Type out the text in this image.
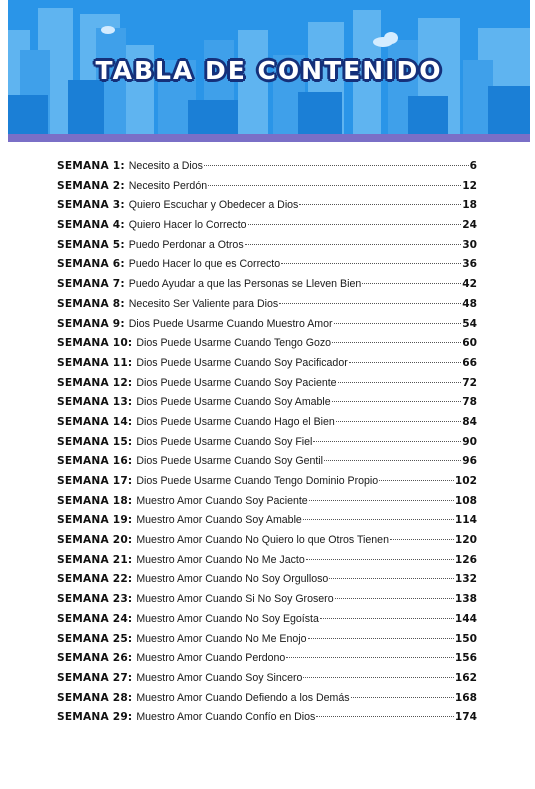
TABLA DE CONTENIDO
SEMANA 1: Necesito a Dios	6
SEMANA 2: Necesito Perdón	12
SEMANA 3: Quiero Escuchar y Obedecer a Dios	18
SEMANA 4: Quiero Hacer lo Correcto	24
SEMANA 5: Puedo Perdonar a Otros	30
SEMANA 6: Puedo Hacer lo que es Correcto	36
SEMANA 7: Puedo Ayudar a que las Personas se Lleven Bien	42
SEMANA 8: Necesito Ser Valiente para Dios	48
SEMANA 9: Dios Puede Usarme Cuando Muestro Amor	54
SEMANA 10: Dios Puede Usarme Cuando Tengo Gozo	60
SEMANA 11: Dios Puede Usarme Cuando Soy Pacificador	66
SEMANA 12: Dios Puede Usarme Cuando Soy Paciente	72
SEMANA 13: Dios Puede Usarme Cuando Soy Amable	78
SEMANA 14: Dios Puede Usarme Cuando Hago el Bien	84
SEMANA 15: Dios Puede Usarme Cuando Soy Fiel	90
SEMANA 16: Dios Puede Usarme Cuando Soy Gentil	96
SEMANA 17: Dios Puede Usarme Cuando Tengo Dominio Propio	102
SEMANA 18: Muestro Amor Cuando Soy Paciente	108
SEMANA 19: Muestro Amor Cuando Soy Amable	114
SEMANA 20: Muestro Amor Cuando No Quiero lo que Otros Tienen	120
SEMANA 21: Muestro Amor Cuando No Me Jacto	126
SEMANA 22: Muestro Amor Cuando No Soy Orgulloso	132
SEMANA 23: Muestro Amor Cuando Si No Soy Grosero	138
SEMANA 24: Muestro Amor Cuando No Soy Egoísta	144
SEMANA 25: Muestro Amor Cuando No Me Enojo	150
SEMANA 26: Muestro Amor Cuando Perdono	156
SEMANA 27: Muestro Amor Cuando Soy Sincero	162
SEMANA 28: Muestro Amor Cuando Defiendo a los Demás	168
SEMANA 29: Muestro Amor Cuando Confío en Dios	174
